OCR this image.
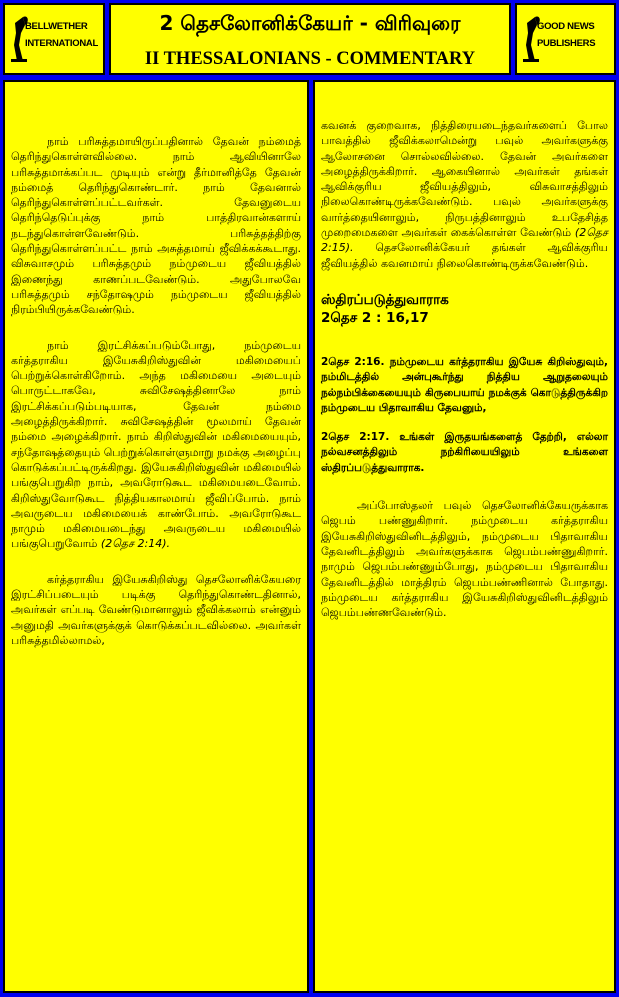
BELLWETHER
INTERNATIONAL
2 தெசலோனிக்கேயர் - விரிவுரை
II THESSALONIANS - COMMENTARY
GOOD NEWS
PUBLISHERS

நாம் பரிசுத்தமாயிருப்பதினால் தேவன் நம்மைத் தெரிந்துகொள்ளவில்லை. நாம் ஆவியினாலே பரிசுத்தமாக்கப்பட முடியும் என்று தீர்மானித்தே தேவன் நம்மைத் தெரிந்துகொண்டார். நாம் தேவனால் தெரிந்துகொள்ளப்பட்டவர்கள். தேவனுடைய தெரிந்தெடுப்புக்கு நாம் பாத்திரவான்களாய் நடந்துகொள்ளவேண்டும். பரிசுத்தத்திற்கு தெரிந்துகொள்ளப்பட்ட நாம் அசுத்தமாய் ஜீவிக்கக்கூடாது. விசுவாசமும் பரிசுத்தமும் நம்முடைய ஜீவியத்தில் இணைந்து காணப்படவேண்டும். அதுபோலவே பரிசுத்தமும் சந்தோஷமும் நம்முடைய ஜீவியத்தில் நிரம்பியிருக்கவேண்டும்.

நாம் இரட்சிக்கப்படும்போது, நம்முடைய கர்த்தராகிய இயேசுகிறிஸ்துவின் மகிமையைப் பெற்றுக்கொள்கிறோம். அந்த மகிமையை அடையும் பொருட்டாகவே, சுவிசேஷத்தினாலே நாம் இரட்சிக்கப்படும்படியாக, தேவன் நம்மை அழைத்திருக்கிறார். சுவிசேஷத்தின் மூலமாய் தேவன் நம்மை அழைக்கிறார். நாம் கிறிஸ்துவின் மகிமையையும், சந்தோஷத்தையும் பெற்றுக்கொள்ளுமாறு நமக்கு அழைப்பு கொடுக்கப்பட்டிருக்கிறது. இயேசுகிறிஸ்துவின் மகிமையில் பங்குபெறுகிற நாம், அவரோடுகூட மகிமையடைவோம். கிறிஸ்துவோடுகூட நித்தியகாலமாய் ஜீவிப்போம். நாம் அவருடைய மகிமையைக் காண்போம். அவரோடுகூட நாமும் மகிமையடைந்து அவருடைய மகிமையில் பங்குபெறுவோம் (2தெச 2:14).

கர்த்தராகிய இயேசுகிறிஸ்து தெசலோனிக்கேயரை இரட்சிப்படையும் படிக்கு தெரிந்துகொண்டதினால், அவர்கள் எப்படி வேண்டுமானாலும் ஜீவிக்கலாம் என்னும் அனுமதி அவர்களுக்குக் கொடுக்கப்படவில்லை. அவர்கள் பரிசுத்தமில்லாமல்,

கவனக் குறைவாக, நித்திரையடைந்தவர்களைப் போல பாவத்தில் ஜீவிக்கலாமென்று பவுல் அவர்களுக்கு ஆலோசனை சொல்லவில்லை. தேவன் அவர்களை அழைத்திருக்கிறார். ஆகையினால் அவர்கள் தங்கள் ஆவிக்குரிய ஜீவியத்திலும், விசுவாசத்திலும் நிலைகொண்டிருக்கவேண்டும். பவுல் அவர்களுக்கு வார்த்தையினாலும், நிருபத்தினாலும் உபதேசித்த முறைமைகளை அவர்கள் கைக்கொள்ள வேண்டும் (2தெச 2:15). தெசலோனிக்கேயர் தங்கள் ஆவிக்குரிய ஜீவியத்தில் கவனமாய் நிலைகொண்டிருக்கவேண்டும்.

ஸ்திரப்படுத்துவாராக
2தெச 2 : 16,17

2தெச 2:16. நம்முடைய கர்த்தராகிய இயேசு கிறிஸ்துவும், நம்மிடத்தில் அன்புகூர்ந்து நித்திய ஆறுதலையும் நல்நம்பிக்கையையும் கிருபையாய் நமக்குக் கொடுத்திருக்கிற நம்முடைய பிதாவாகிய தேவனும்,

2தெச 2:17. உங்கள் இருதயங்களைத் தேற்றி, எல்லா நல்வசனத்திலும் நற்கிரியையிலும் உங்களை ஸ்திரப்படுத்துவாராக.

அப்போஸ்தலர் பவுல் தெசலோனிக்கேயருக்காக ஜெபம் பண்ணுகிறார். நம்முடைய கர்த்தராகிய இயேசுகிறிஸ்துவினிடத்திலும், நம்முடைய பிதாவாகிய தேவனிடத்திலும் அவர்களுக்காக ஜெபம்பண்ணுகிறார். நாமும் ஜெபம்பண்ணும்போது, நம்முடைய பிதாவாகிய தேவனிடத்தில் மாத்திரம் ஜெபம்பண்ணினால் போதாது. நம்முடைய கர்த்தராகிய இயேசுகிறிஸ்துவினிடத்திலும் ஜெபம்பண்ணவேண்டும்.
